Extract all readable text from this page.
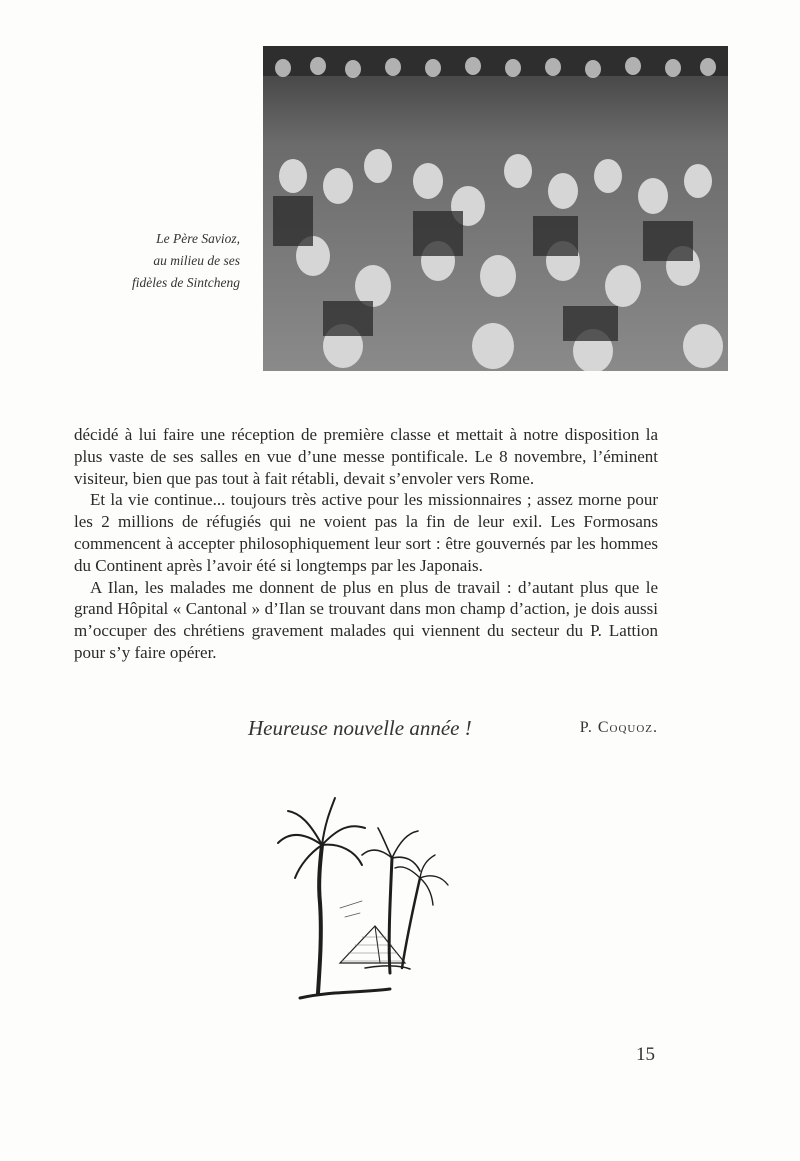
Le Père Savioz,
au milieu de ses
fidèles de Sintcheng

décidé à lui faire une réception de première classe et mettait à notre disposition la plus vaste de ses salles en vue d’une messe pontificale. Le 8 novembre, l’éminent visiteur, bien que pas tout à fait rétabli, devait s’envoler vers Rome.

Et la vie continue... toujours très active pour les missionnaires ; assez morne pour les 2 millions de réfugiés qui ne voient pas la fin de leur exil. Les Formosans commencent à accepter philosophiquement leur sort : être gouvernés par les hommes du Continent après l’avoir été si longtemps par les Japonais.

A Ilan, les malades me donnent de plus en plus de travail : d’autant plus que le grand Hôpital « Cantonal » d’Ilan se trouvant dans mon champ d’action, je dois aussi m’occuper des chrétiens gravement malades qui viennent du secteur du P. Lattion pour s’y faire opérer.

Heureuse nouvelle année !	P. Coquoz.
15
